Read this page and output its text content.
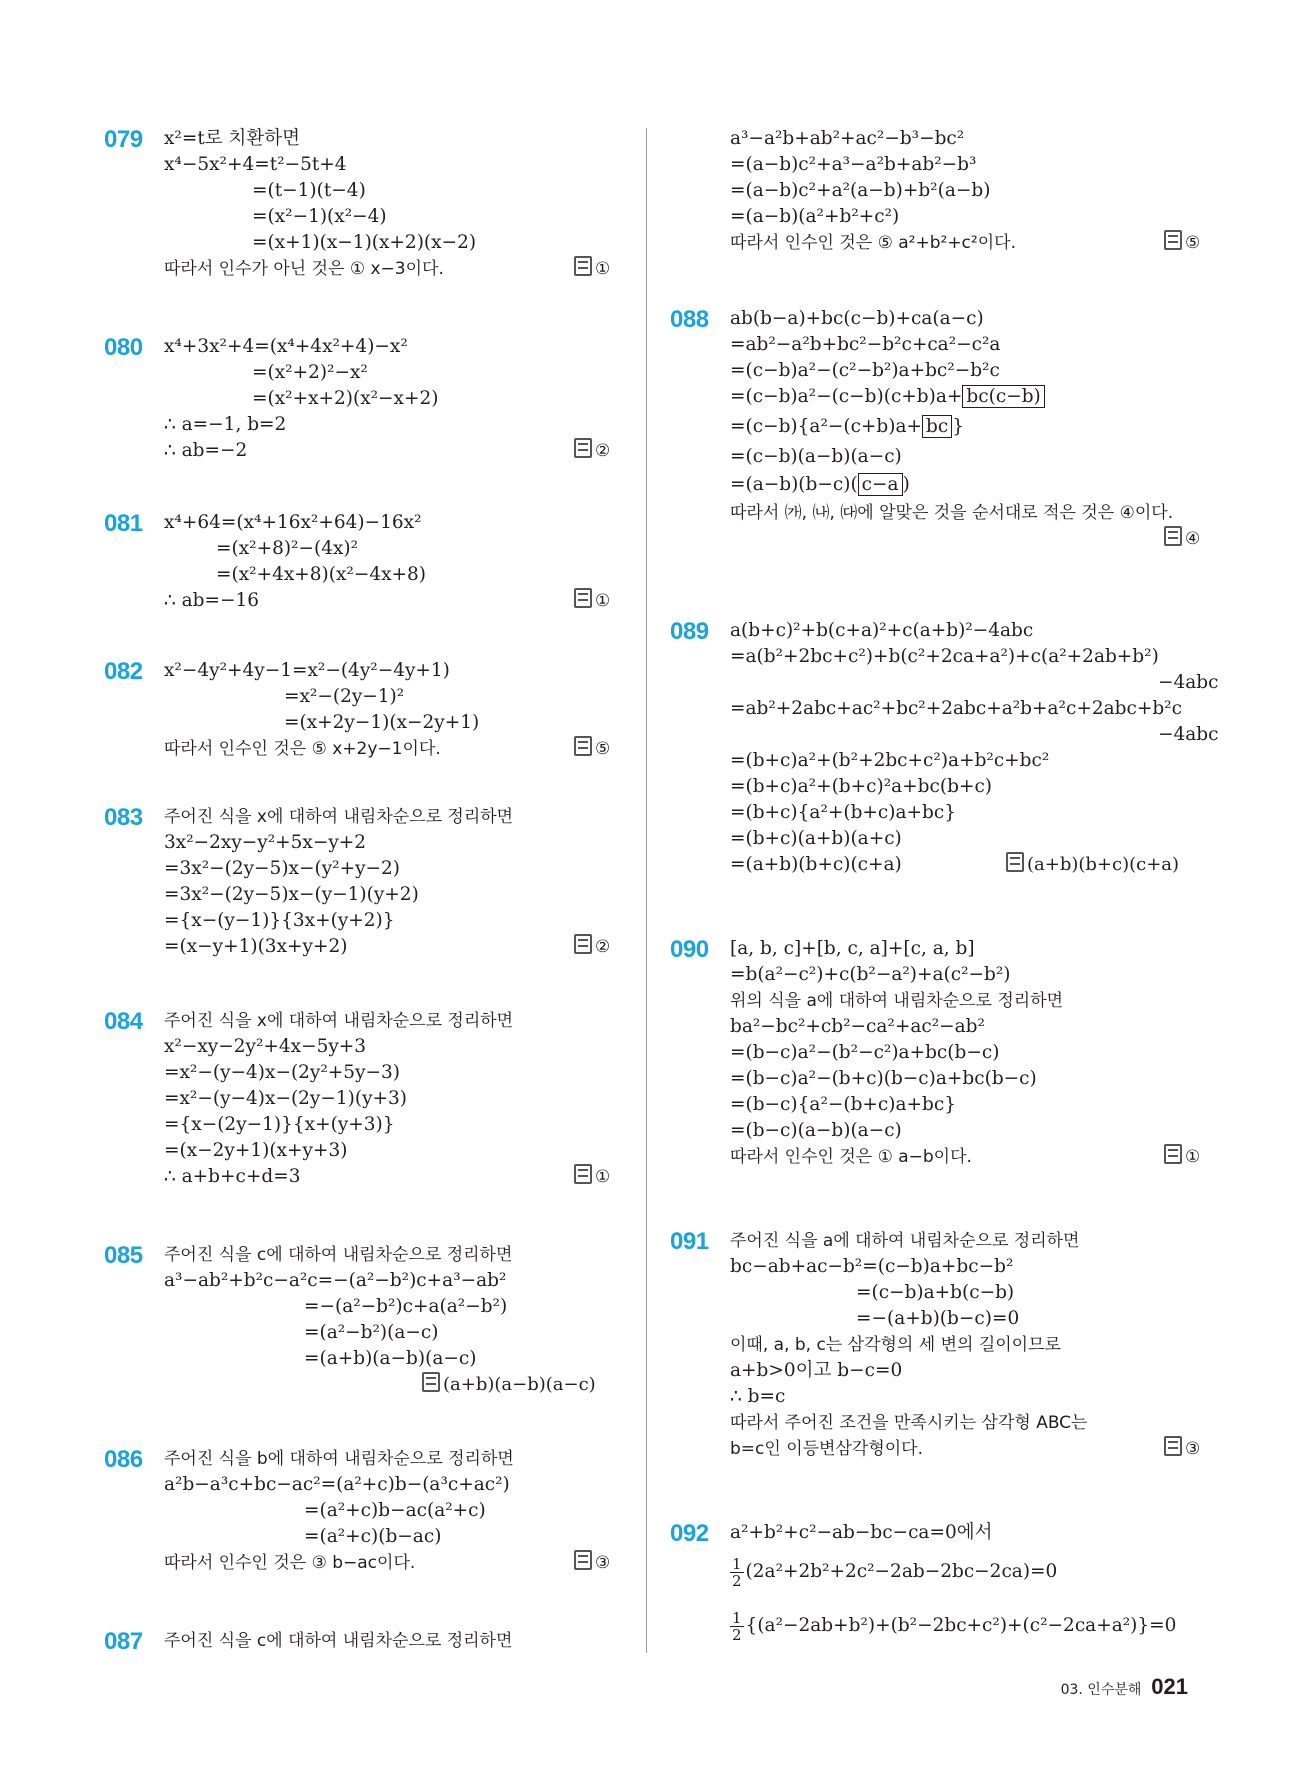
079 x²=t로 치환하면
x⁴−5x²+4=t²−5t+4
=(t−1)(t−4)
=(x²−1)(x²−4)
=(x+1)(x−1)(x+2)(x−2)
따라서 인수가 아닌 것은 ① x−3이다.	①
080 x⁴+3x²+4=(x⁴+4x²+4)−x²
=(x²+2)²−x²
=(x²+x+2)(x²−x+2)
∴ a=−1, b=2
∴ ab=−2	②
081 x⁴+64=(x⁴+16x²+64)−16x²
=(x²+8)²−(4x)²
=(x²+4x+8)(x²−4x+8)
∴ ab=−16	①
082 x²−4y²+4y−1=x²−(4y²−4y+1)
=x²−(2y−1)²
=(x+2y−1)(x−2y+1)
따라서 인수인 것은 ⑤ x+2y−1이다.	⑤
083 주어진 식을 x에 대하여 내림차순으로 정리하면
3x²−2xy−y²+5x−y+2
=3x²−(2y−5)x−(y²+y−2)
=3x²−(2y−5)x−(y−1)(y+2)
={x−(y−1)}{3x+(y+2)}
=(x−y+1)(3x+y+2)	②
084 주어진 식을 x에 대하여 내림차순으로 정리하면
x²−xy−2y²+4x−5y+3
=x²−(y−4)x−(2y²+5y−3)
=x²−(y−4)x−(2y−1)(y+3)
={x−(2y−1)}{x+(y+3)}
=(x−2y+1)(x+y+3)
∴ a+b+c+d=3	①
085 주어진 식을 c에 대하여 내림차순으로 정리하면
a³−ab²+b²c−a²c=−(a²−b²)c+a³−ab²
=−(a²−b²)c+a(a²−b²)
=(a²−b²)(a−c)
=(a+b)(a−b)(a−c)
(a+b)(a−b)(a−c)
086 주어진 식을 b에 대하여 내림차순으로 정리하면
a²b−a³c+bc−ac²=(a²+c)b−(a³c+ac²)
=(a²+c)b−ac(a²+c)
=(a²+c)(b−ac)
따라서 인수인 것은 ③ b−ac이다.	③
087 주어진 식을 c에 대하여 내림차순으로 정리하면
a³−a²b+ab²+ac²−b³−bc²
=(a−b)c²+a³−a²b+ab²−b³
=(a−b)c²+a²(a−b)+b²(a−b)
=(a−b)(a²+b²+c²)
따라서 인수인 것은 ⑤ a²+b²+c²이다.	⑤
088 ab(b−a)+bc(c−b)+ca(a−c)
=ab²−a²b+bc²−b²c+ca²−c²a
=(c−b)a²−(c²−b²)a+bc²−b²c
=(c−b)a²−(c−b)(c+b)a+ bc(c−b)
=(c−b){a²−(c+b)a+ bc }
=(c−b)(a−b)(a−c)
=(a−b)(b−c)( c−a )
따라서 ㈎, ㈏, ㈐에 알맞은 것을 순서대로 적은 것은 ④이다.
④
089 a(b+c)²+b(c+a)²+c(a+b)²−4abc
=a(b²+2bc+c²)+b(c²+2ca+a²)+c(a²+2ab+b²)
−4abc
=ab²+2abc+ac²+bc²+2abc+a²b+a²c+2abc+b²c
−4abc
=(b+c)a²+(b²+2bc+c²)a+b²c+bc²
=(b+c)a²+(b+c)²a+bc(b+c)
=(b+c){a²+(b+c)a+bc}
=(b+c)(a+b)(a+c)
=(a+b)(b+c)(c+a)	(a+b)(b+c)(c+a)
090 [a, b, c]+[b, c, a]+[c, a, b]
=b(a²−c²)+c(b²−a²)+a(c²−b²)
위의 식을 a에 대하여 내림차순으로 정리하면
ba²−bc²+cb²−ca²+ac²−ab²
=(b−c)a²−(b²−c²)a+bc(b−c)
=(b−c)a²−(b+c)(b−c)a+bc(b−c)
=(b−c){a²−(b+c)a+bc}
=(b−c)(a−b)(a−c)
따라서 인수인 것은 ① a−b이다.	①
091 주어진 식을 a에 대하여 내림차순으로 정리하면
bc−ab+ac−b²=(c−b)a+bc−b²
=(c−b)a+b(c−b)
=−(a+b)(b−c)=0
이때, a, b, c는 삼각형의 세 변의 길이이므로
a+b>0이고 b−c=0
∴ b=c
따라서 주어진 조건을 만족시키는 삼각형 ABC는
b=c인 이등변삼각형이다.	③
092 a²+b²+c²−ab−bc−ca=0에서
$\frac{1}{2} (2a^2+2b^2+2c^2-2ab-2bc-2ca)=0$
$\frac{1}{2} \{(a^2-2ab+b^2)+(b^2-2bc+c^2)+(c^2-2ca+a^2)\}=0$
03. 인수분해 021
